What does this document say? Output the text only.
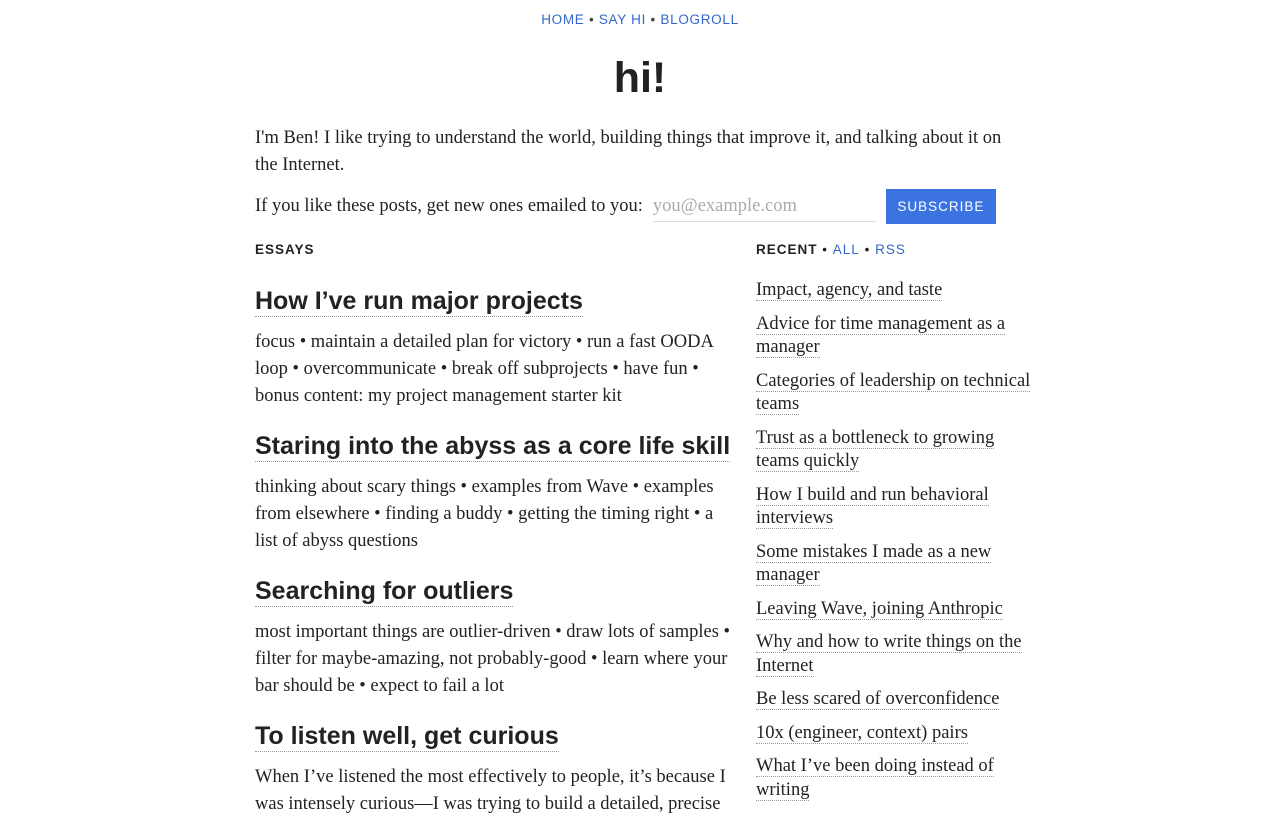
HOME • SAY HI • BLOGROLL
hi!

I'm Ben! I like trying to understand the world, building things that improve it, and talking about it on the Internet.

If you like these posts, get new ones emailed to you:
you@example.com	SUBSCRIBE
ESSAYS
How I’ve run major projects

focus • maintain a detailed plan for victory • run a fast OODA loop • overcommunicate • break off subprojects • have fun • bonus content: my project management starter kit

Staring into the abyss as a core life skill

thinking about scary things • examples from Wave • examples from elsewhere • finding a buddy • getting the timing right • a list of abyss questions

Searching for outliers

most important things are outlier-driven • draw lots of samples • filter for maybe-amazing, not probably-good • learn where your bar should be • expect to fail a lot

To listen well, get curious

When I’ve listened the most effectively to people, it’s because I was intensely curious—I was trying to build a detailed, precise

RECENT • ALL • RSS
Impact, agency, and taste
Advice for time management as a manager
Categories of leadership on technical teams
Trust as a bottleneck to growing teams quickly
How I build and run behavioral interviews
Some mistakes I made as a new manager
Leaving Wave, joining Anthropic
Why and how to write things on the Internet
Be less scared of overconfidence
10x (engineer, context) pairs
What I’ve been doing instead of writing
